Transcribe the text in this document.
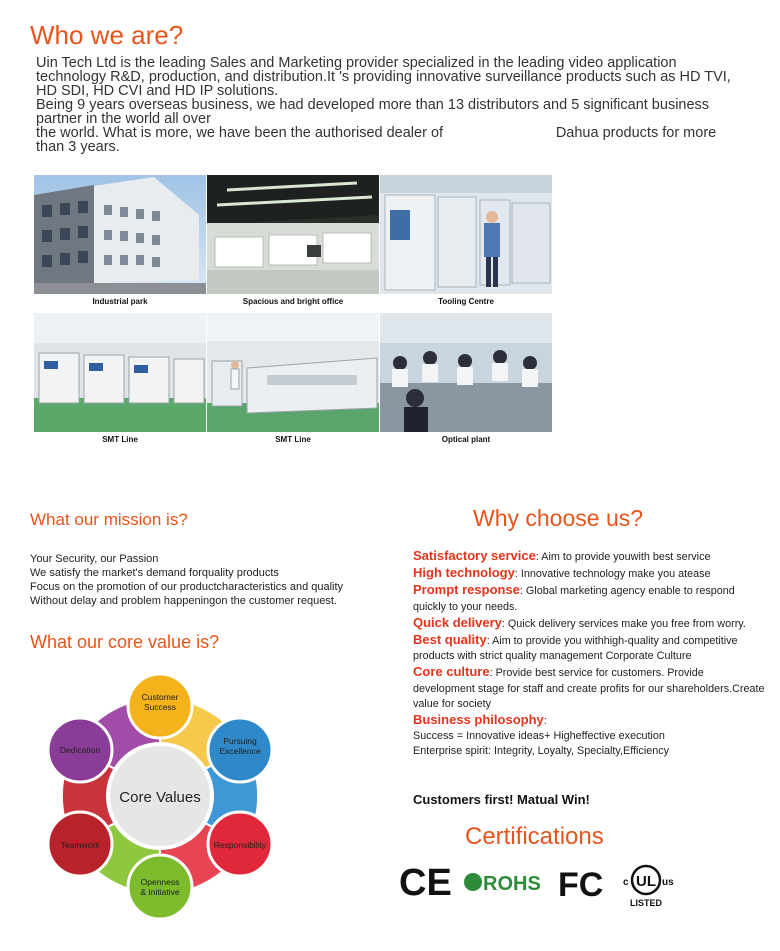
Who we are?

Uin Tech Ltd is the leading Sales and Marketing provider specialized in the leading video application technology R&D, production, and distribution.It 's providing innovative surveillance products such as HD TVI, HD SDI, HD CVI and HD IP solutions.

Being 9 years overseas business, we had developed more than 13 distributors and 5 significant business partner in the world all over

the world. What is more, we have been the authorised dealer of                            Dahua products for more than 3 years.

Industrial park	Spacious and bright office	Tooling Centre
SMT Line	SMT Line	Optical plant
What our mission is?
Your Security, our Passion
We satisfy the market's demand forquality products
Focus on the promotion of our productcharacteristics and quality
Without delay and problem happeningon the customer request.
What our core value is?
Core Values
Customer Success
Pursuing Excellence
Responsibility
Openness & Initiative
Teamwork
Dedication
Why choose us?
Satisfactory service: Aim to provide youwith best service
High technology: Innovative technology make you atease
Prompt response: Global marketing agency enable to respond quickly to your needs.
Quick delivery: Quick delivery services make you free from worry.
Best quality: Aim to provide you withhigh-quality and competitive products with strict quality management Corporate Culture
Core culture: Provide best service for customers. Provide development stage for staff and create profits for our shareholders.Create value for society
Business philosophy:
Success = Innovative ideas+ Higheffective execution
Enterprise spirit: Integrity, Loyalty, Specialty,Efficiency
Customers first! Matual Win!
Certifications
CE ROHS FC c UL us
LISTED
